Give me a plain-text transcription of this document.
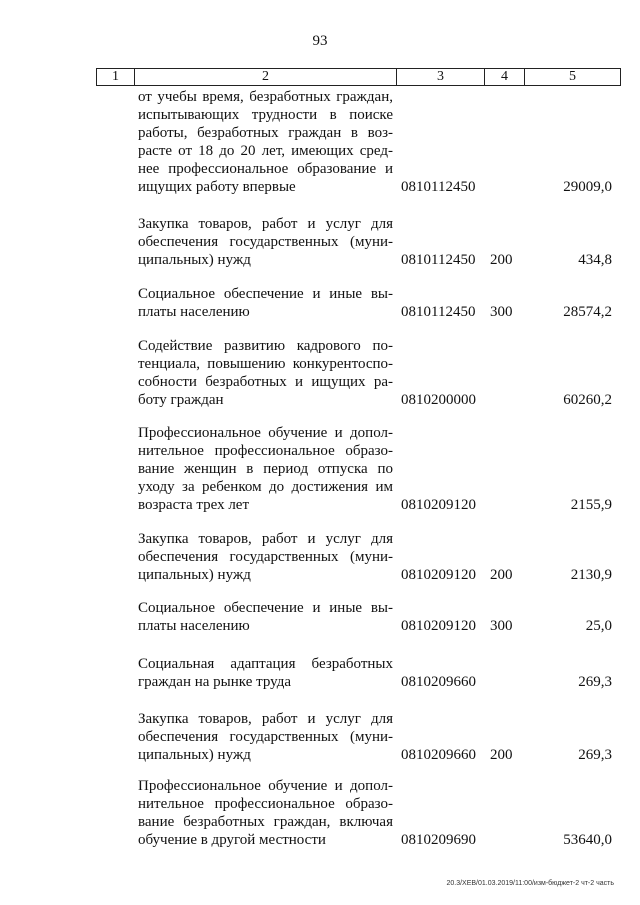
93
1	2	3	4	5
от учебы время, безработных граждан,
испытывающих трудности в поиске
работы, безработных граждан в воз-
расте от 18 до 20 лет, имеющих сред-
нее профессиональное образование и
ищущих работу впервые	0810112450	29009,0
Закупка товаров, работ и услуг для
обеспечения государственных (муни-
ципальных) нужд	0810112450 200	434,8
Социальное обеспечение и иные вы-
платы населению	0810112450 300	28574,2
Содействие развитию кадрового по-
тенциала, повышению конкурентоспо-
собности безработных и ищущих ра-
боту граждан	0810200000	60260,2
Профессиональное обучение и допол-
нительное профессиональное образо-
вание женщин в период отпуска по
уходу за ребенком до достижения им
возраста трех лет	0810209120	2155,9
Закупка товаров, работ и услуг для
обеспечения государственных (муни-
ципальных) нужд	0810209120 200	2130,9
Социальное обеспечение и иные вы-
платы населению	0810209120 300	25,0
Социальная адаптация безработных
граждан на рынке труда	0810209660	269,3
Закупка товаров, работ и услуг для
обеспечения государственных (муни-
ципальных) нужд	0810209660 200	269,3
Профессиональное обучение и допол-
нительное профессиональное образо-
вание безработных граждан, включая
обучение в другой местности	0810209690	53640,0
20.3/ХЕВ/01.03.2019/11:00/изм-бюджет-2 чт-2 часть
